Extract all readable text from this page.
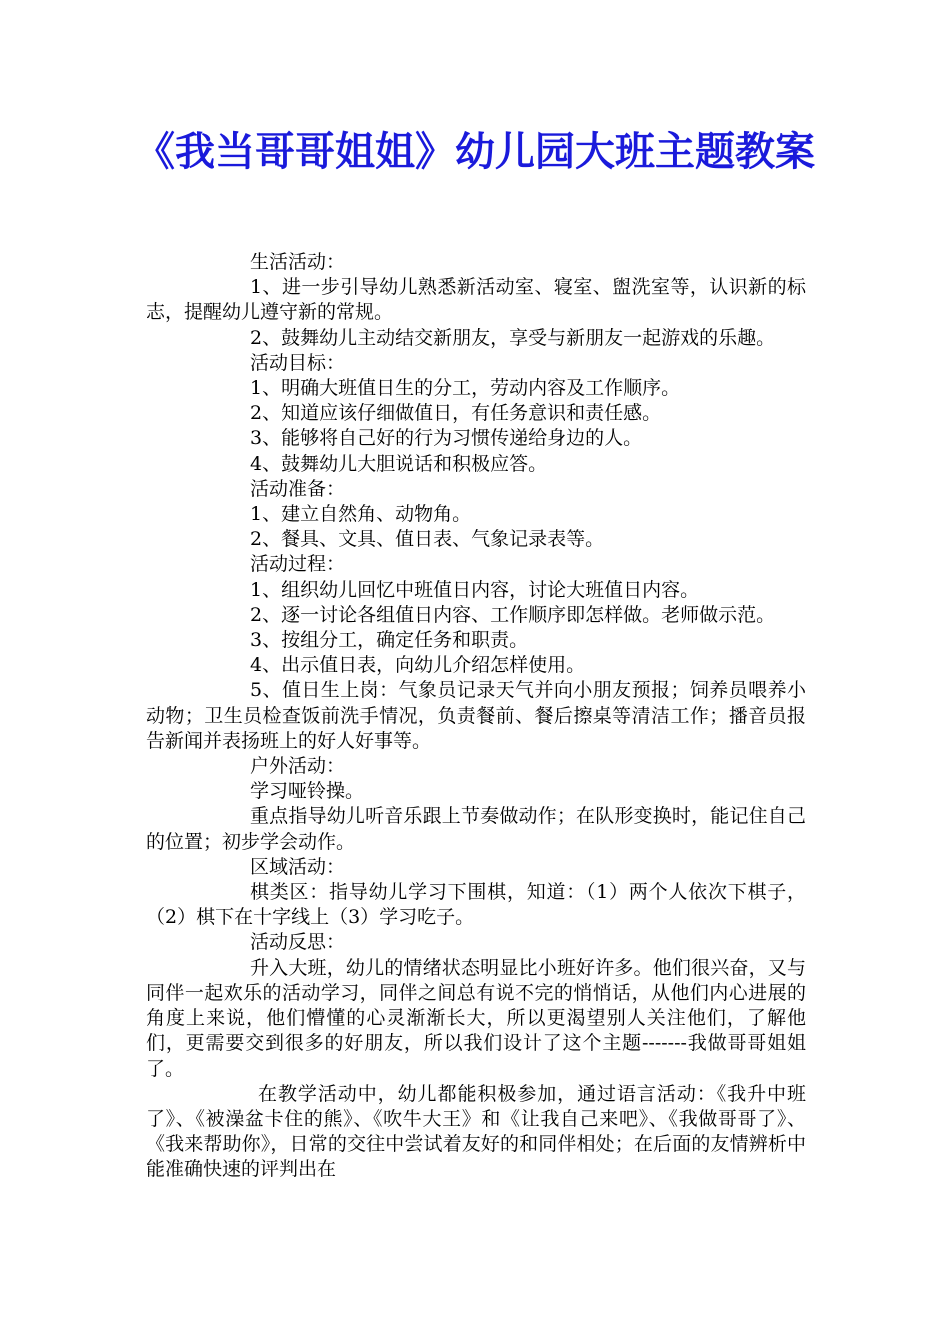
《我当哥哥姐姐》幼儿园大班主题教案

生活活动：

1、进一步引导幼儿熟悉新活动室、寝室、盥洗室等，认识新的标志，提醒幼儿遵守新的常规。

2、鼓舞幼儿主动结交新朋友，享受与新朋友一起游戏的乐趣。

活动目标：

1、明确大班值日生的分工，劳动内容及工作顺序。

2、知道应该仔细做值日，有任务意识和责任感。

3、能够将自己好的行为习惯传递给身边的人。

4、鼓舞幼儿大胆说话和积极应答。

活动准备：

1、建立自然角、动物角。

2、餐具、文具、值日表、气象记录表等。

活动过程：

1、组织幼儿回忆中班值日内容，讨论大班值日内容。

2、逐一讨论各组值日内容、工作顺序即怎样做。老师做示范。

3、按组分工，确定任务和职责。

4、出示值日表，向幼儿介绍怎样使用。

5、值日生上岗：气象员记录天气并向小朋友预报；饲养员喂养小动物；卫生员检查饭前洗手情况，负责餐前、餐后擦桌等清洁工作；播音员报告新闻并表扬班上的好人好事等。

户外活动：

学习哑铃操。

重点指导幼儿听音乐跟上节奏做动作；在队形变换时，能记住自己的位置；初步学会动作。

区域活动：

棋类区：指导幼儿学习下围棋，知道：（1）两个人依次下棋子，（2）棋下在十字线上（3）学习吃子。

活动反思：

升入大班，幼儿的情绪状态明显比小班好许多。他们很兴奋，又与同伴一起欢乐的活动学习，同伴之间总有说不完的悄悄话，从他们内心进展的角度上来说，他们懵懂的心灵渐渐长大，所以更渴望别人关注他们，了解他们，更需要交到很多的好朋友，所以我们设计了这个主题-------我做哥哥姐姐了。

在教学活动中，幼儿都能积极参加，通过语言活动：《我升中班了》、《被澡盆卡住的熊》、《吹牛大王》和《让我自己来吧》、《我做哥哥了》、《我来帮助你》，日常的交往中尝试着友好的和同伴相处；在后面的友情辨析中能准确快速的评判出在
